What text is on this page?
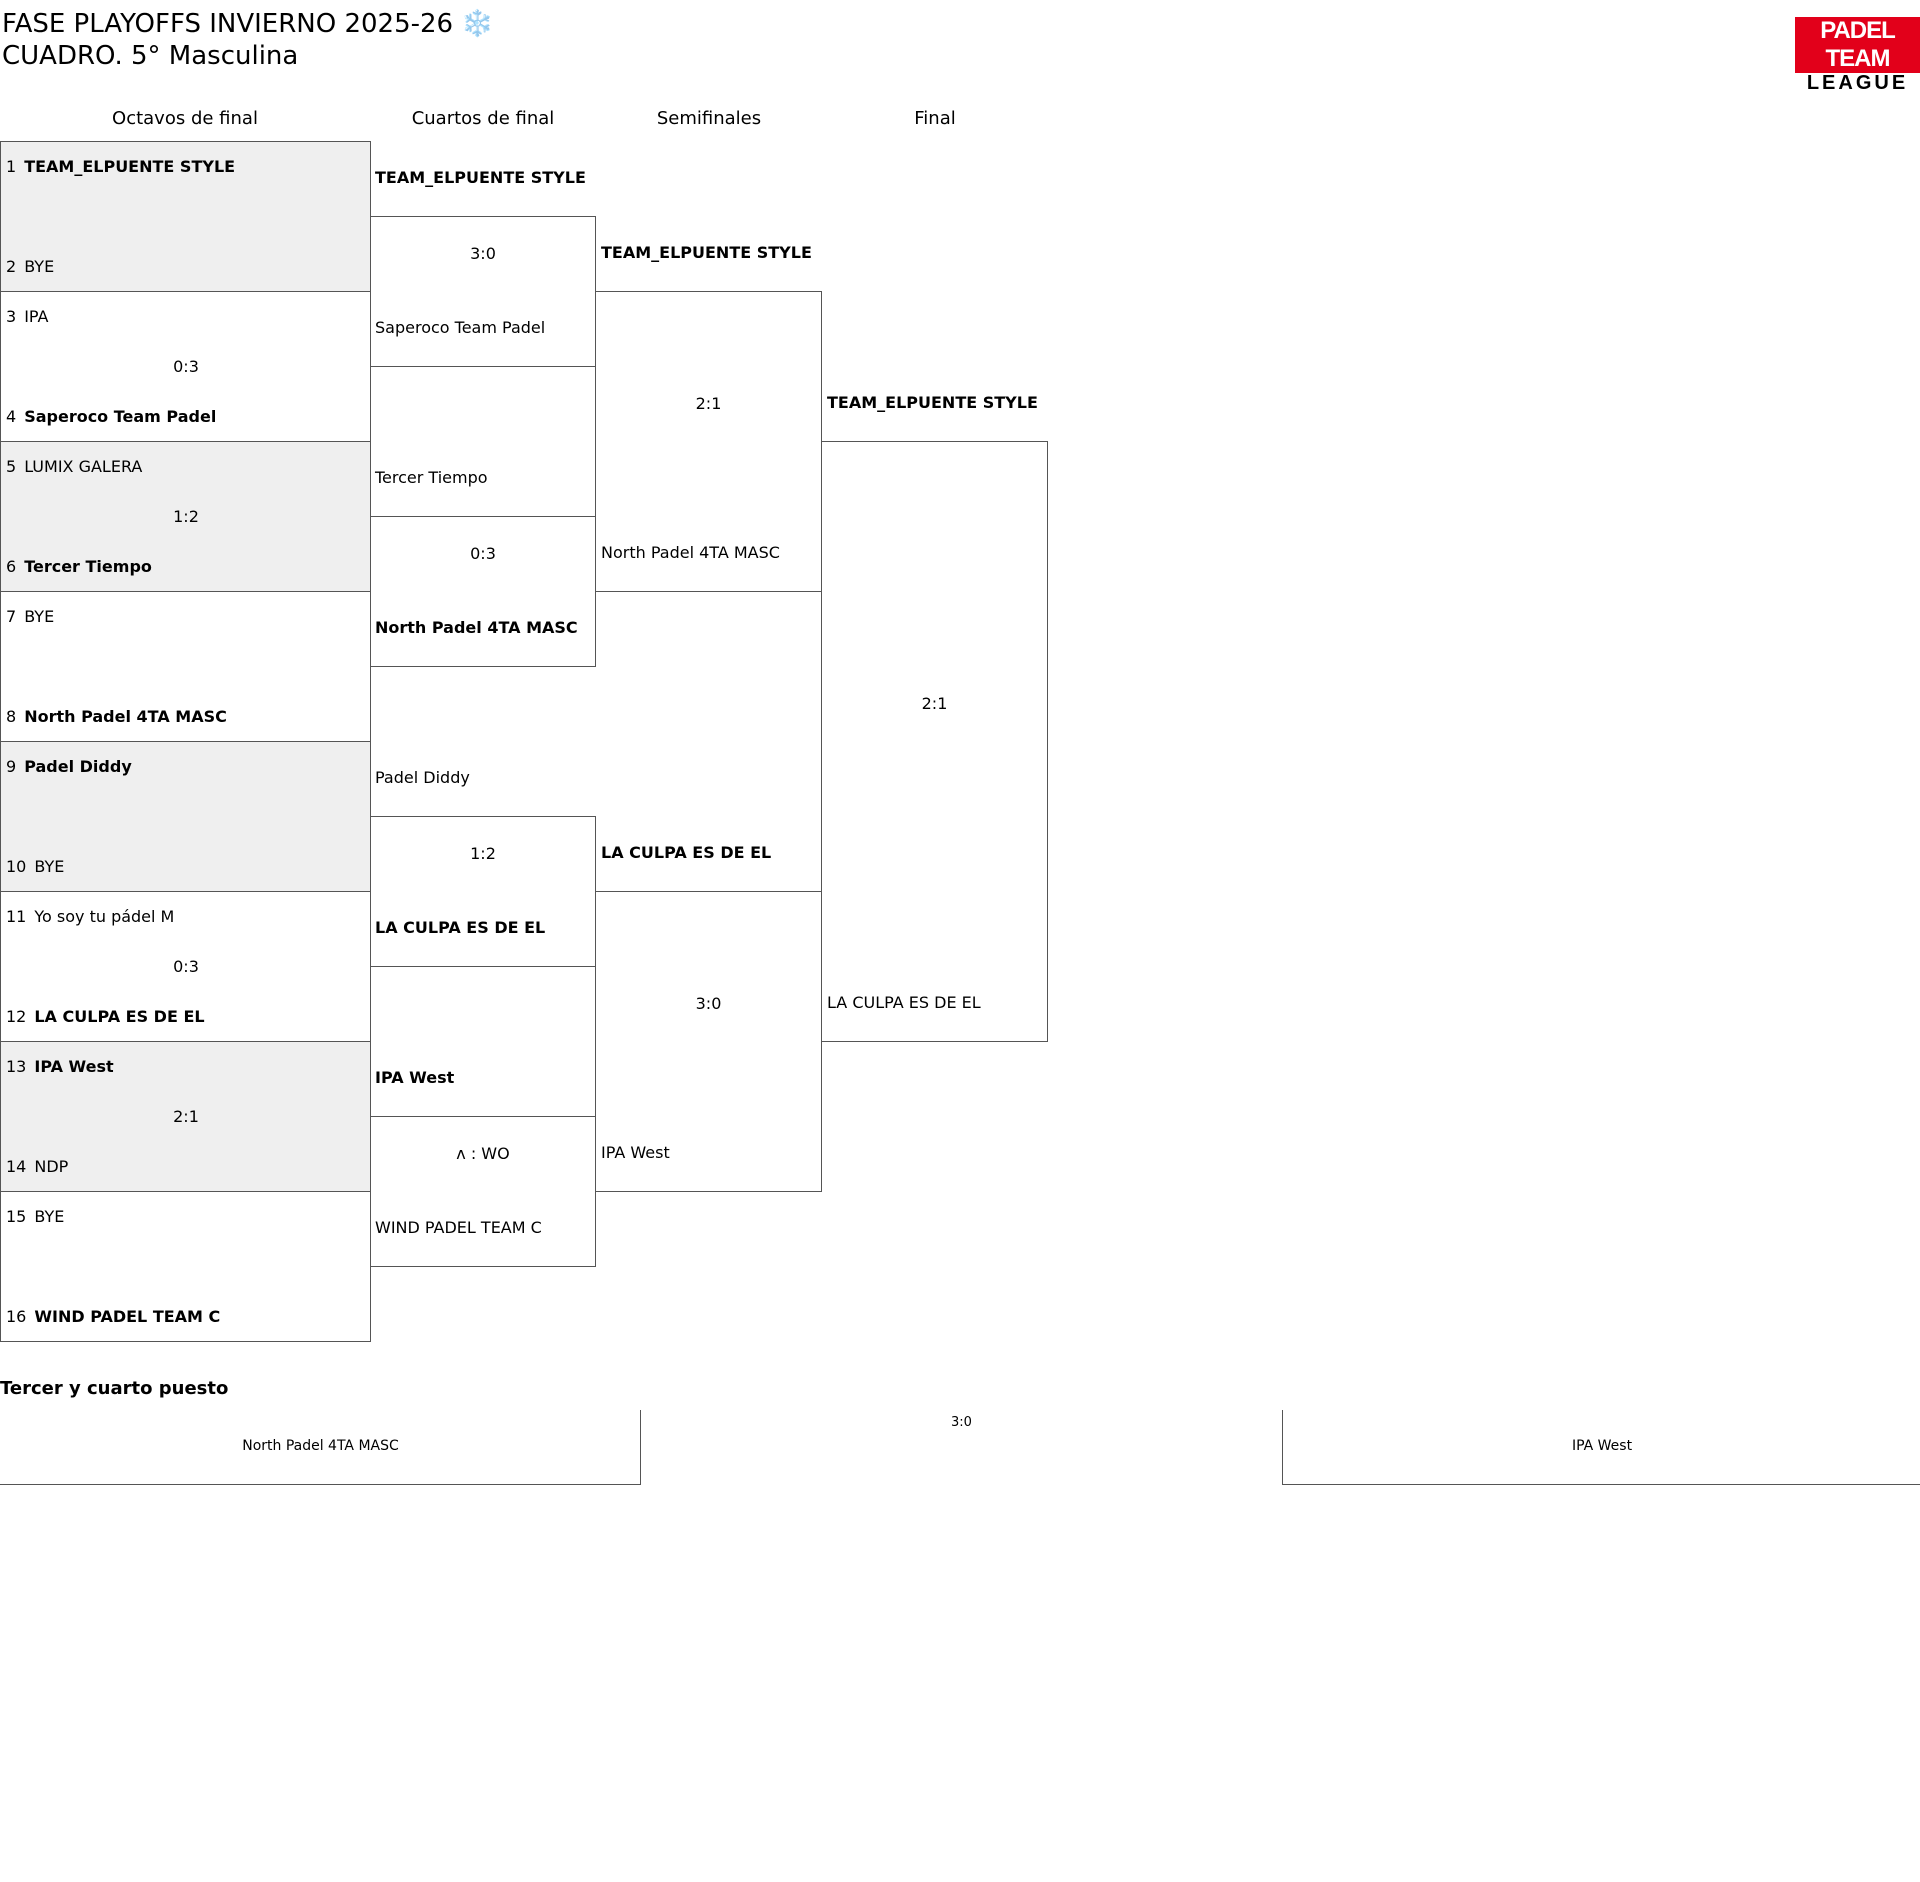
FASE PLAYOFFS INVIERNO 2025-26 ❄️
CUADRO. 5° Masculina
PADEL TEAM
LEAGUE
Octavos de final	Cuartos de final	Semifinales	Final
1 TEAM_ELPUENTE STYLE
2 BYE
3 IPA
0:3
4 Saperoco Team Padel
5 LUMIX GALERA
1:2
6 Tercer Tiempo
7 BYE
8 North Padel 4TA MASC
9 Padel Diddy
10 BYE
11 Yo soy tu pádel M
0:3
12 LA CULPA ES DE EL
13 IPA West
2:1
14 NDP
15 BYE
16 WIND PADEL TEAM C
TEAM_ELPUENTE STYLE
3:0
Saperoco Team Padel
Tercer Tiempo
0:3
North Padel 4TA MASC
Padel Diddy
1:2
LA CULPA ES DE EL
IPA West
ʌ : WO
WIND PADEL TEAM C
TEAM_ELPUENTE STYLE
2:1
North Padel 4TA MASC
LA CULPA ES DE EL
3:0
IPA West
TEAM_ELPUENTE STYLE
2:1
LA CULPA ES DE EL
Tercer y cuarto puesto
North Padel 4TA MASC
3:0
IPA West
